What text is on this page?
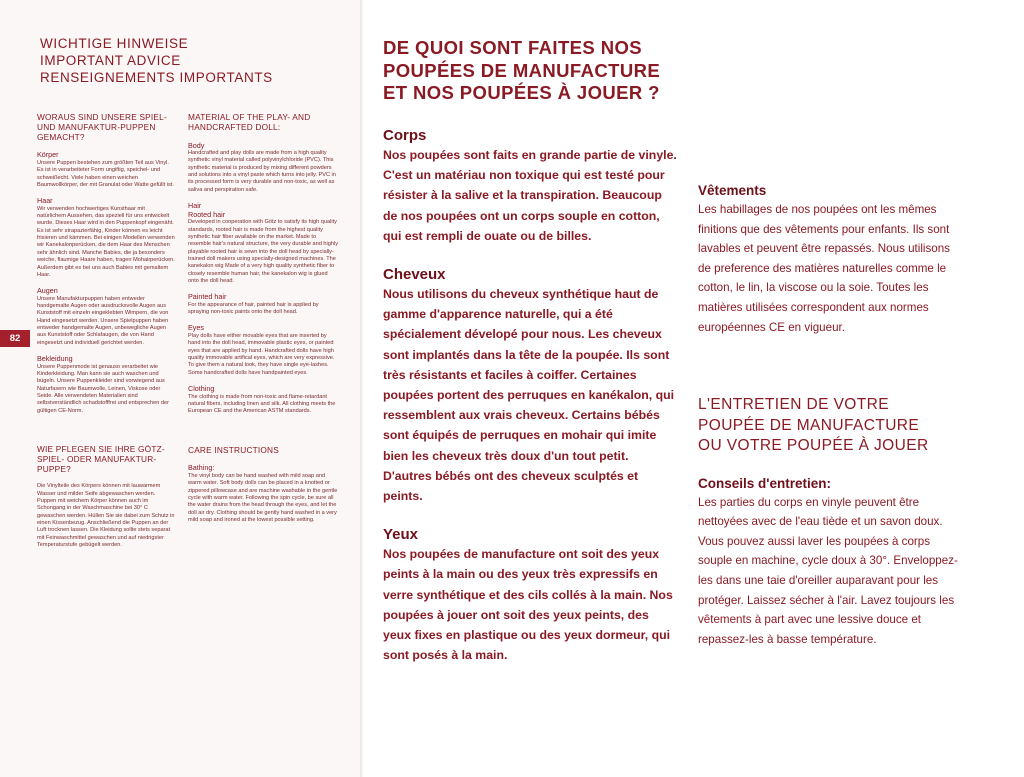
82
WICHTIGE HINWEISE
IMPORTANT ADVICE
RENSEIGNEMENTS IMPORTANTS
WORAUS SIND UNSERE SPIEL- UND MANUFAKTUR-PUPPEN GEMACHT?
Körper
Unsere Puppen bestehen zum größten Teil aus Vinyl. Es ist in verarbeiteter Form ungiftig, speichel- und schweißecht. Viele haben einen weichen Baumwollkörper, der mit Granulat oder Watte gefüllt ist.
Haar
Wir verwenden hochwertiges Kunsthaar mit natürlichem Aussehen, das speziell für uns entwickelt wurde. Dieses Haar wird in den Puppenkopf eingenäht. Es ist sehr strapazierfähig, Kinder können es leicht frisieren und kämmen. Bei einigen Modellen verwenden wir Kanekalonperücken, die dem Haar des Menschen sehr ähnlich sind. Manche Babies, die ja besonders weiche, flaumige Haare haben, tragen Mohairperücken. Außerdem gibt es bei uns auch Babies mit gemaltem Haar.
Augen
Unsere Manufakturpuppen haben entweder handgemalte Augen oder ausdrucksvolle Augen aus Kunststoff mit einzeln eingeklebten Wimpern, die von Hand eingesetzt werden. Unsere Spielpuppen haben entweder handgemalte Augen, unbewegliche Augen aus Kunststoff oder Schlafaugen, die von Hand eingesetzt und individuell gerichtet werden.
Bekleidung
Unsere Puppenmode ist genauso verarbeitet wie Kinderkleidung. Man kann sie auch waschen und bügeln. Unsere Puppenkleider sind vorwiegend aus Naturfasern wie Baumwolle, Leinen, Viskose oder Seide. Alle verwendeten Materialien sind selbstverständlich schadstofffrei und entsprechen der gültigen CE-Norm.
WIE PFLEGEN SIE IHRE GÖTZ-SPIEL- ODER MANUFAKTUR-PUPPE?
Die Vinylteile des Körpers können mit lauwarmem Wasser und milder Seife abgewaschen werden. Puppen mit weichem Körper können auch im Schongang in der Waschmaschine bei 30° C gewaschen werden. Hüllen Sie sie dabei zum Schutz in einen Kissenbezug. Anschließend die Puppen an der Luft trocknen lassen. Die Kleidung sollte stets separat mit Feinwaschmittel gewaschen und auf niedrigster Temperaturstufe gebügelt werden.
MATERIAL OF THE PLAY- AND HANDCRAFTED DOLL:
Body
Handcrafted and play dolls are made from a high quality synthetic vinyl material called polyvinylchloride (PVC). This synthetic material is produced by mixing different powders and solutions into a vinyl paste which turns into jelly. PVC in its processed form is very durable and non-toxic, as well as saliva and perspiration safe.
Hair
Rooted hair
Developed in cooperation with Götz to satisfy its high quality standards, rooted hair is made from the highest quality synthetic hair fiber available on the market. Made to resemble hair's natural structure, the very durable and highly playable rooted hair is sewn into the doll head by specially-trained doll makers using specially-designed machines. The kanekalon wig Made of a very high quality synthetic fiber to closely resemble human hair, the kanekalon wig is glued onto the doll head.
Painted hair
For the appearance of hair, painted hair is applied by spraying non-toxic paints onto the doll head.
Eyes
Play dolls have either movable eyes that are inserted by hand into the doll head, immovable plastic eyes, or painted eyes that are applied by hand. Handcrafted dolls have high quality immovable artifical eyes, which are very expressive. To give them a natural look, they have single eye-lashes. Some handcrafted dolls have handpainted eyes.
Clothing
The clothing is made from non-toxic and flame-retardant natural fibers, including linen and silk. All clothing meets the European CE and the American ASTM standards.
CARE INSTRUCTIONS
Bathing:
The vinyl body can be hand washed with mild soap and warm water. Soft body dolls can be placed in a knotted or zippered pillowcase and are machine washable in the gentle cycle with warm water. Following the spin cycle, be sure all the water drains from the head through the eyes, and let the doll air dry. Clothing should be gently hand washed in a very mild soap and ironed at the lowest possible setting.
DE QUOI SONT FAITES NOS
POUPÉES DE MANUFACTURE
ET NOS POUPÉES À JOUER ?
Corps
Nos poupées sont faits en grande partie de vinyle. C'est un matériau non toxique qui est testé pour résister à la salive et la transpiration. Beaucoup de nos poupées ont un corps souple en cotton, qui est rempli de ouate ou de billes.
Cheveux
Nous utilisons du cheveux synthétique haut de gamme d'apparence naturelle, qui a été spécialement dévelopé pour nous. Les cheveux sont implantés dans la tête de la poupée. Ils sont très résistants et faciles à coiffer. Certaines poupées portent des perruques en kanékalon, qui ressemblent aux vrais cheveux. Certains bébés sont équipés de perruques en mohair qui imite bien les cheveux très doux d'un tout petit. D'autres bébés ont des cheveux sculptés et peints.
Yeux
Nos poupées de manufacture ont soit des yeux peints à la main ou des yeux très expressifs en verre synthétique et des cils collés à la main. Nos poupées à jouer ont soit des yeux peints, des yeux fixes en plastique ou des yeux dormeur, qui sont posés à la main.
Vêtements
Les habillages de nos poupées ont les mêmes finitions que des vêtements pour enfants. Ils sont lavables et peuvent être repassés. Nous utilisons de preference des matières naturelles comme le cotton, le lin, la viscose ou la soie. Toutes les matières utilisées correspondent aux normes européennes CE en vigueur.
L'ENTRETIEN DE VOTRE
POUPÉE DE MANUFACTURE
OU VOTRE POUPÉE À JOUER
Conseils d'entretien:
Les parties du corps en vinyle peuvent être nettoyées avec de l'eau tiède et un savon doux. Vous pouvez aussi laver les poupées à corps souple en machine, cycle doux à 30°. Enveloppez-les dans une taie d'oreiller auparavant pour les protéger. Laissez sécher à l'air. Lavez toujours les vêtements à part avec une lessive douce et repassez-les à basse température.
